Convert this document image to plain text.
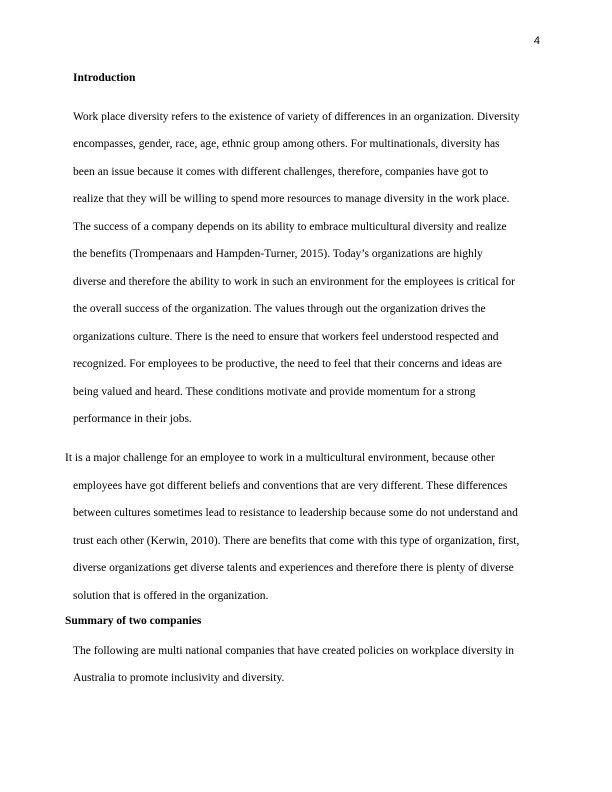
4
Introduction
Work place diversity refers to the existence of variety of differences in an organization. Diversity
encompasses, gender, race, age, ethnic group among others. For multinationals, diversity has
been an issue because it comes with different challenges, therefore, companies have got to
realize that they will be willing to spend more resources to manage diversity in the work place.
The success of a company depends on its ability to embrace multicultural diversity and realize
the benefits (Trompenaars and Hampden-Turner, 2015). Today’s organizations are highly
diverse and therefore the ability to work in such an environment for the employees is critical for
the overall success of the organization. The values through out the organization drives the
organizations culture. There is the need to ensure that workers feel understood respected and
recognized. For employees to be productive, the need to feel that their concerns and ideas are
being valued and heard. These conditions motivate and provide momentum for a strong
performance in their jobs.
It is a major challenge for an employee to work in a multicultural environment, because other
employees have got different beliefs and conventions that are very different. These differences
between cultures sometimes lead to resistance to leadership because some do not understand and
trust each other (Kerwin, 2010). There are benefits that come with this type of organization, first,
diverse organizations get diverse talents and experiences and therefore there is plenty of diverse
solution that is offered in the organization.
Summary of two companies
The following are multi national companies that have created policies on workplace diversity in
Australia to promote inclusivity and diversity.
